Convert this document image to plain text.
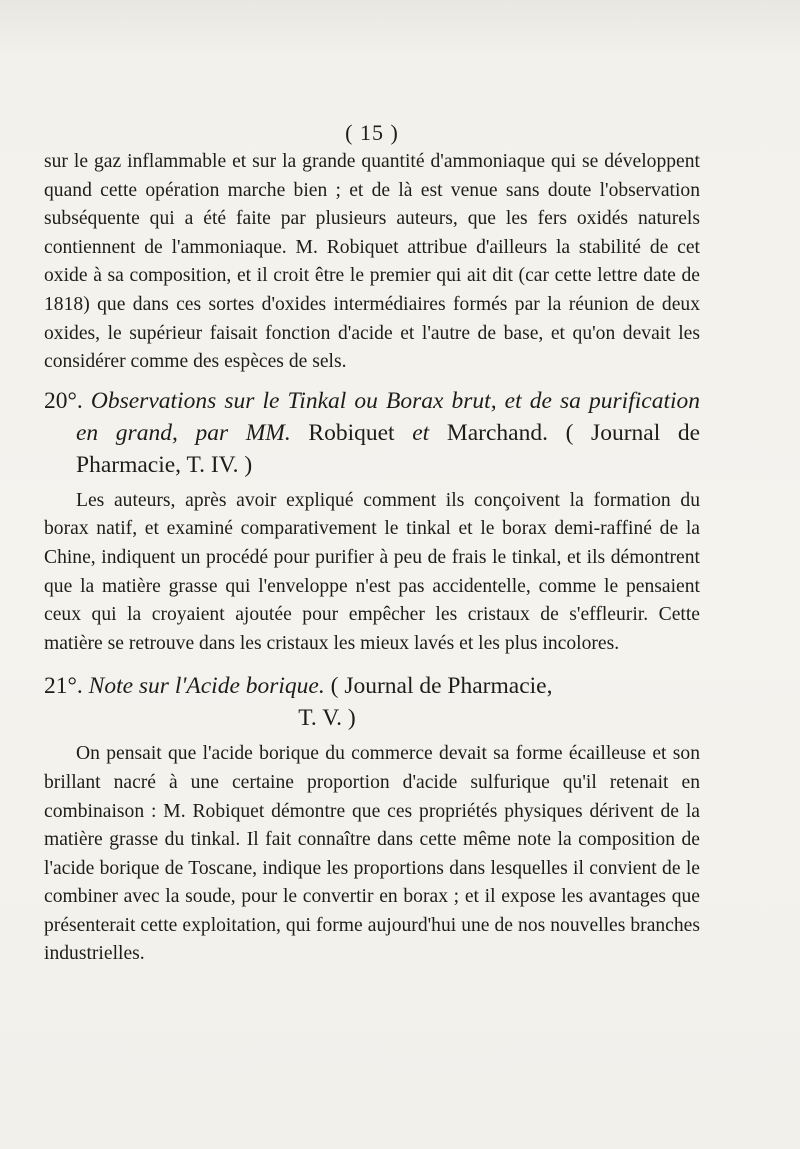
( 15 )

sur le gaz inflammable et sur la grande quantité d'ammoniaque qui se développent quand cette opération marche bien ; et de là est venue sans doute l'observation subséquente qui a été faite par plusieurs auteurs, que les fers oxidés naturels contiennent de l'ammoniaque. M. Robiquet attribue d'ailleurs la stabilité de cet oxide à sa composition, et il croit être le premier qui ait dit (car cette lettre date de 1818) que dans ces sortes d'oxides intermédiaires formés par la réunion de deux oxides, le supérieur faisait fonction d'acide et l'autre de base, et qu'on devait les considérer comme des espèces de sels.

20°. Observations sur le Tinkal ou Borax brut, et de sa purification en grand, par MM. Robiquet et Marchand. ( Journal de Pharmacie, T. IV. )

Les auteurs, après avoir expliqué comment ils conçoivent la formation du borax natif, et examiné comparativement le tinkal et le borax demi-raffiné de la Chine, indiquent un procédé pour purifier à peu de frais le tinkal, et ils démontrent que la matière grasse qui l'enveloppe n'est pas accidentelle, comme le pensaient ceux qui la croyaient ajoutée pour empêcher les cristaux de s'effleurir. Cette matière se retrouve dans les cristaux les mieux lavés et les plus incolores.

21°. Note sur l'Acide borique. ( Journal de Pharmacie,
T. V. )

On pensait que l'acide borique du commerce devait sa forme écailleuse et son brillant nacré à une certaine proportion d'acide sulfurique qu'il retenait en combinaison : M. Robiquet démontre que ces propriétés physiques dérivent de la matière grasse du tinkal. Il fait connaître dans cette même note la composition de l'acide borique de Toscane, indique les proportions dans lesquelles il convient de le combiner avec la soude, pour le convertir en borax ; et il expose les avantages que présenterait cette exploitation, qui forme aujourd'hui une de nos nouvelles branches industrielles.
